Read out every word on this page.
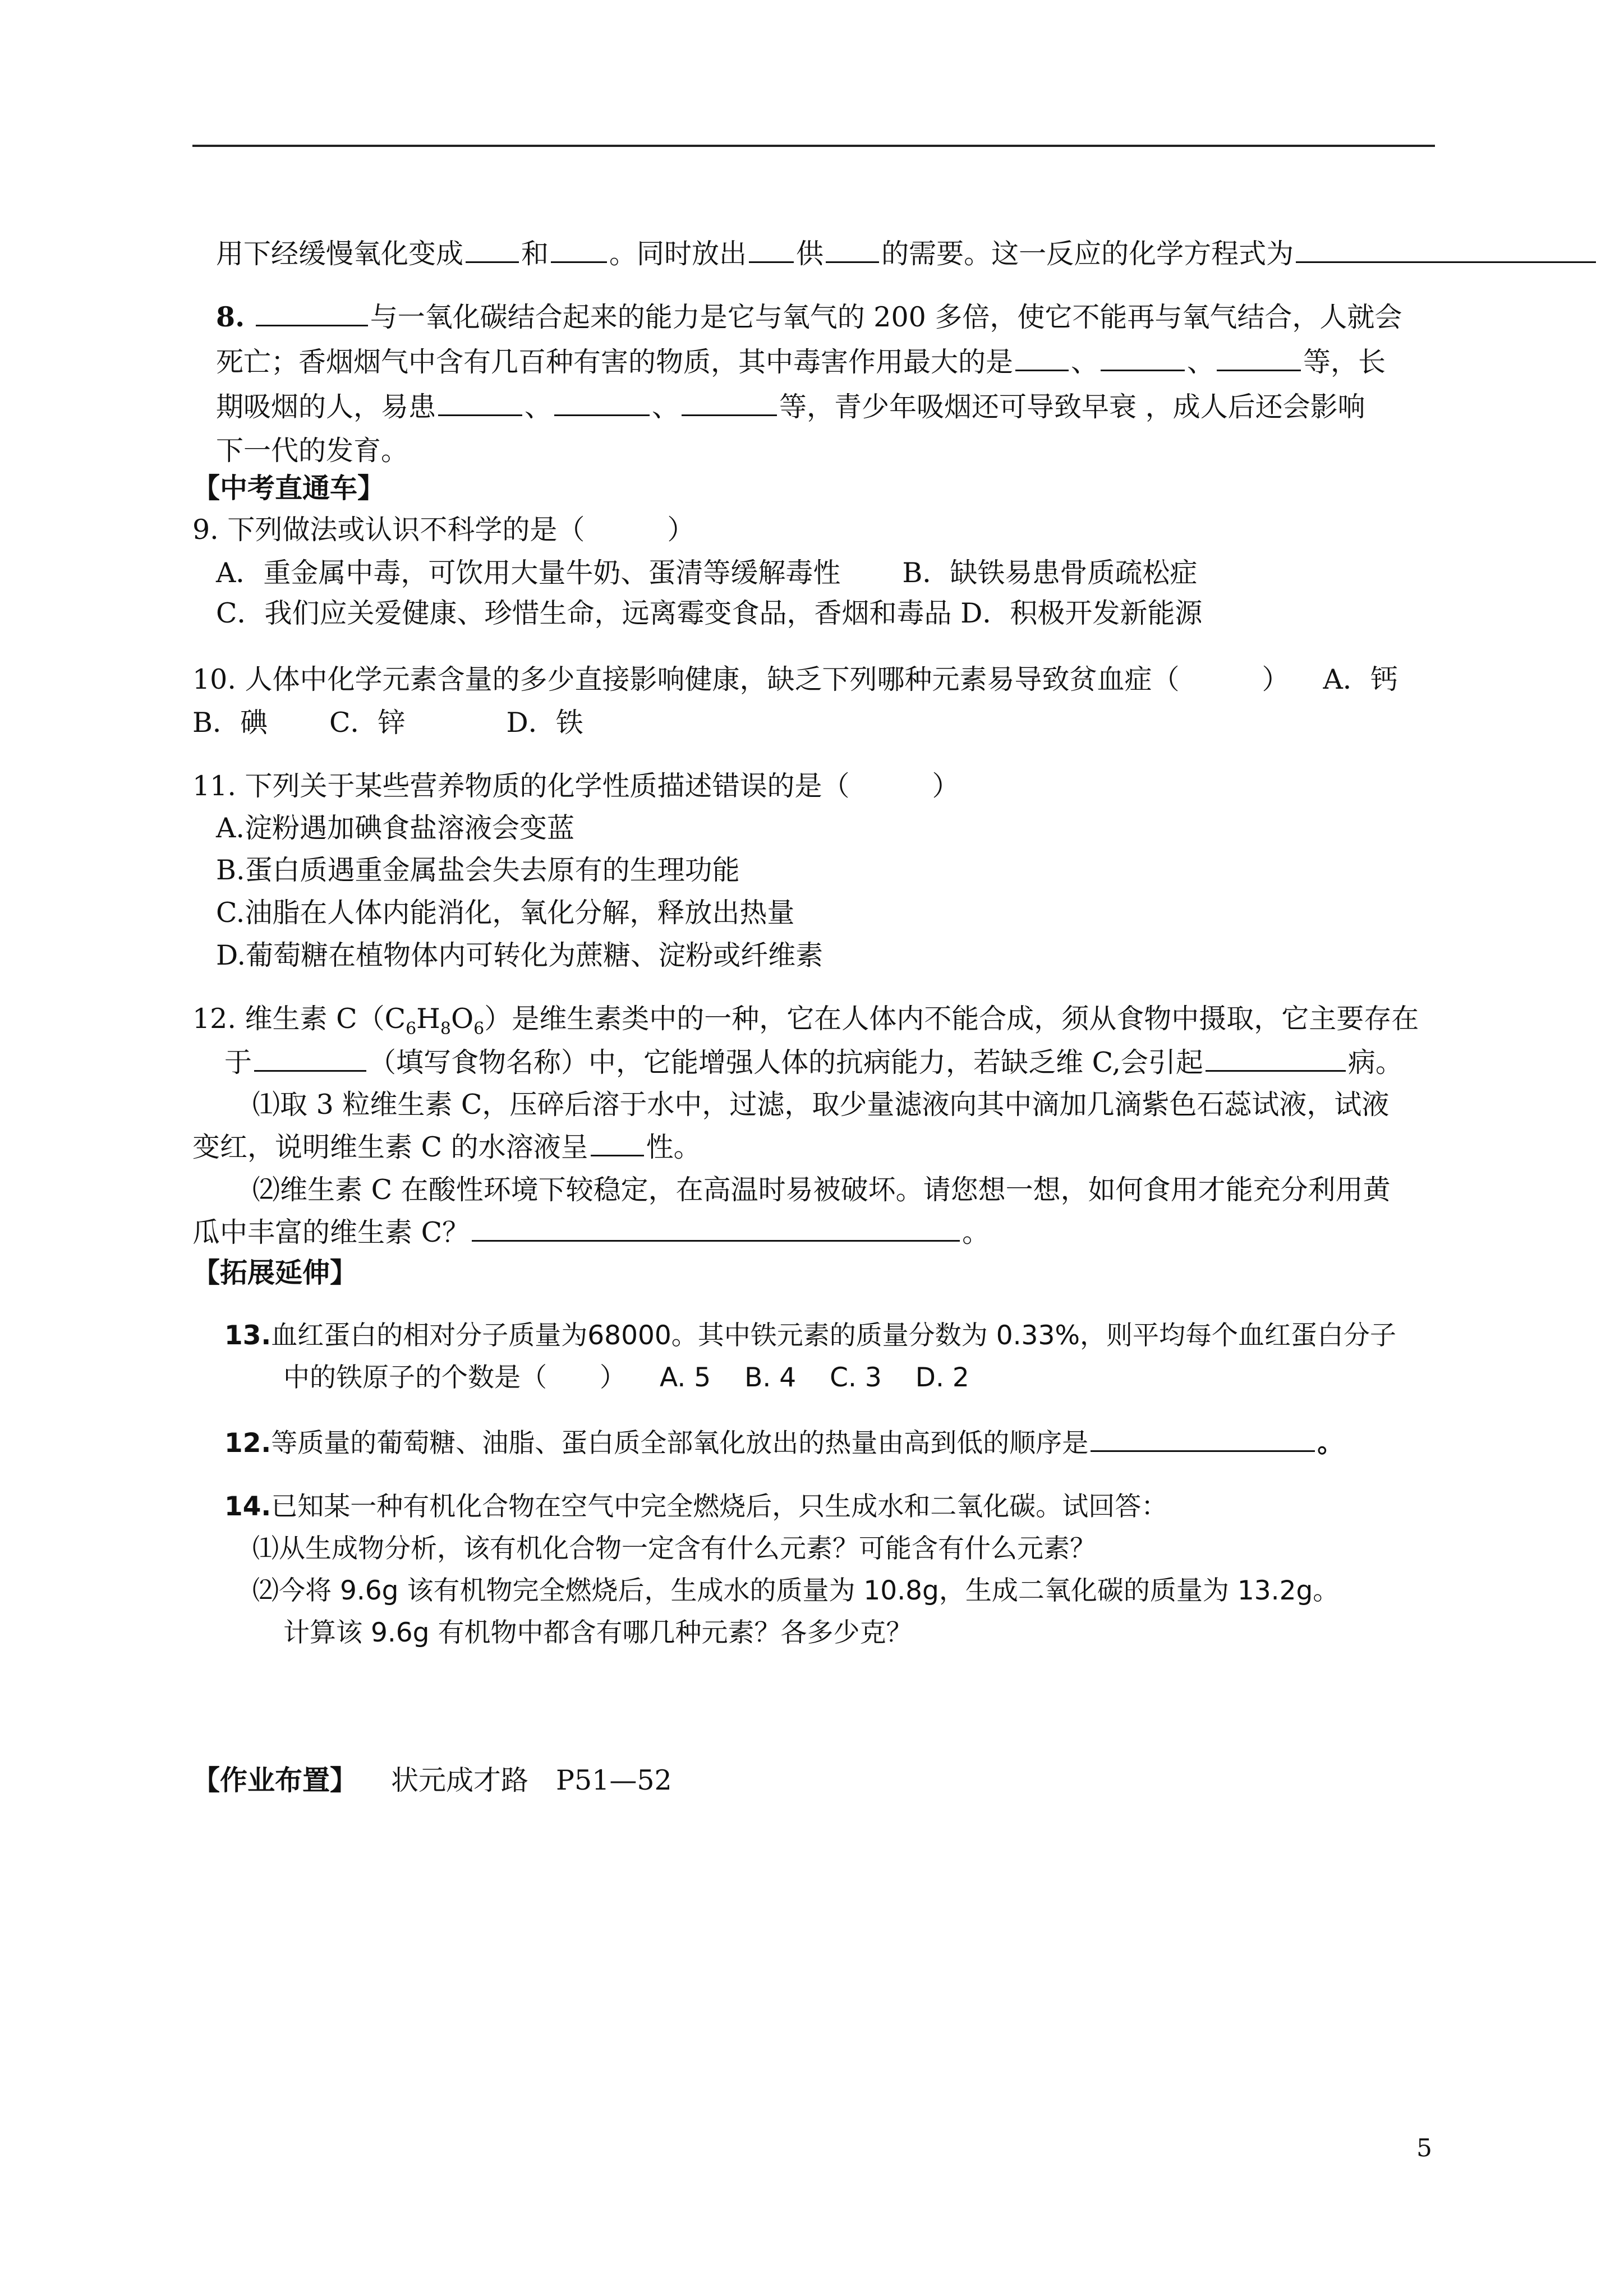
用下经缓慢氧化变成 和 。同时放出 供 的需要。这一反应的化学方程式为
8.	与一氧化碳结合起来的能力是它与氧气的 200 多倍，使它不能再与氧气结合，人就会
死亡；香烟烟气中含有几百种有害的物质，其中毒害作用最大的是 、	、	等，长
期吸烟的人，易患	、	、	等，青少年吸烟还可导致早衰 ，成人后还会影响
下一代的发育。
【中考直通车】
9. 下列做法或认识不科学的是（　　　）
A．重金属中毒，可饮用大量牛奶、蛋清等缓解毒性 B．缺铁易患骨质疏松症
C．我们应关爱健康、珍惜生命，远离霉变食品，香烟和毒品 D．积极开发新能源
10. 人体中化学元素含量的多少直接影响健康，缺乏下列哪种元素易导致贫血症（　　　） A．钙
B．碘 C．锌	D．铁
11. 下列关于某些营养物质的化学性质描述错误的是（　　　）
A.淀粉遇加碘食盐溶液会变蓝
B.蛋白质遇重金属盐会失去原有的生理功能
C.油脂在人体内能消化，氧化分解，释放出热量
D.葡萄糖在植物体内可转化为蔗糖、淀粉或纤维素
12. 维生素 $C(C_6H_8O_6)$是维生素类中的一种，它在人体内不能合成，须从食物中摄取，它主要存在
于	（填写食物名称）中，它能增强人体的抗病能力，若缺乏维 C,会引起	病。
⑴取 3 粒维生素 C，压碎后溶于水中，过滤，取少量滤液向其中滴加几滴紫色石蕊试液，试液
变红，说明维生素 C 的水溶液呈 性。
⑵维生素 C 在酸性环境下较稳定，在高温时易被破坏。请您想一想，如何食用才能充分利用黄
瓜中丰富的维生素 C？	。
【拓展延伸】
13.血红蛋白的相对分子质量为68000。其中铁元素的质量分数为 0.33%，则平均每个血红蛋白分子
中的铁原子的个数是（　　） A. 5 B. 4 C. 3 D. 2
12.等质量的葡萄糖、油脂、蛋白质全部氧化放出的热量由高到低的顺序是	。
14.已知某一种有机化合物在空气中完全燃烧后，只生成水和二氧化碳。试回答：
⑴从生成物分析，该有机化合物一定含有什么元素？可能含有什么元素？
⑵今将 9.6g 该有机物完全燃烧后，生成水的质量为 10.8g，生成二氧化碳的质量为 13.2g。
计算该 9.6g 有机物中都含有哪几种元素？各多少克？
【作业布置】 状元成才路　P51—52
5
